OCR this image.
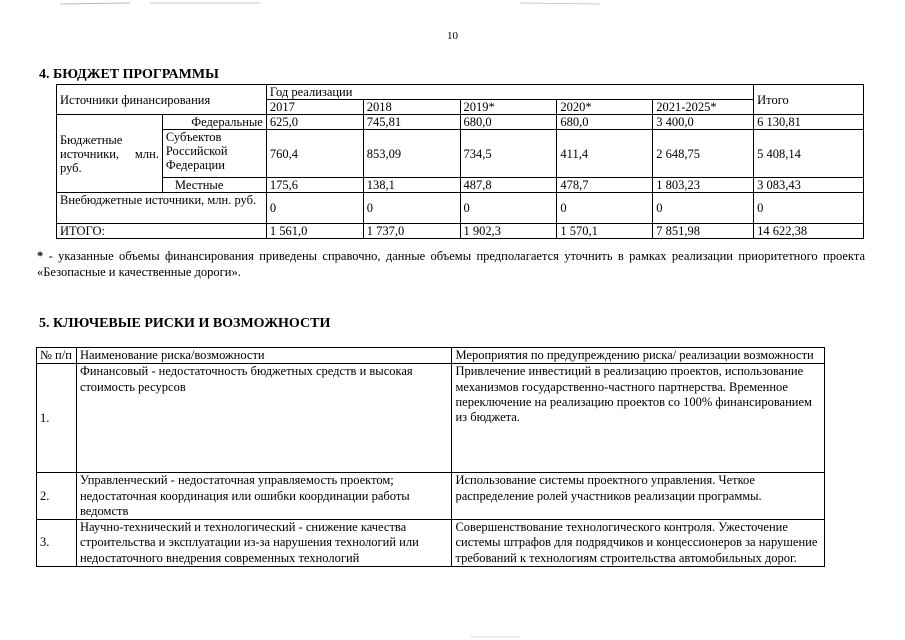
10
4. БЮДЖЕТ ПРОГРАММЫ
Источники финансирования		Год реализации					Итого
		2017	2018	2019*	2020*	2021-2025*	
Бюджетные источники, млн. руб.	Федеральные	625,0	745,81	680,0	680,0	3 400,0	6 130,81
	Субъектов Российской Федерации	760,4	853,09	734,5	411,4	2 648,75	5 408,14
	Местные	175,6	138,1	487,8	478,7	1 803,23	3 083,43
Внебюджетные источники, млн. руб.		0	0	0	0	0	0
ИТОГО:		1 561,0	1 737,0	1 902,3	1 570,1	7 851,98	14 622,38

* - указанные объемы финансирования приведены справочно, данные объемы предполагается уточнить в рамках реализации приоритетного проекта «Безопасные и качественные дороги».

5. КЛЮЧЕВЫЕ РИСКИ И ВОЗМОЖНОСТИ
№ п/п	Наименование риска/возможности	Мероприятия по предупреждению риска/ реализации возможности
1.	Финансовый - недостаточность бюджетных средств и высокая стоимость ресурсов	Привлечение инвестиций в реализацию проектов, использование механизмов государственно-частного партнерства. Временное переключение на реализацию проектов со 100% финансированием из бюджета.
2.	Управленческий - недостаточная управляемость проектом; недостаточная координация или ошибки координации работы ведомств	Использование системы проектного управления. Четкое распределение ролей участников реализации программы.
3.	Научно-технический и технологический - снижение качества строительства и эксплуатации из-за нарушения технологий или недостаточного внедрения современных технологий	Совершенствование технологического контроля. Ужесточение системы штрафов для подрядчиков и концессионеров за нарушение требований к технологиям строительства автомобильных дорог.
